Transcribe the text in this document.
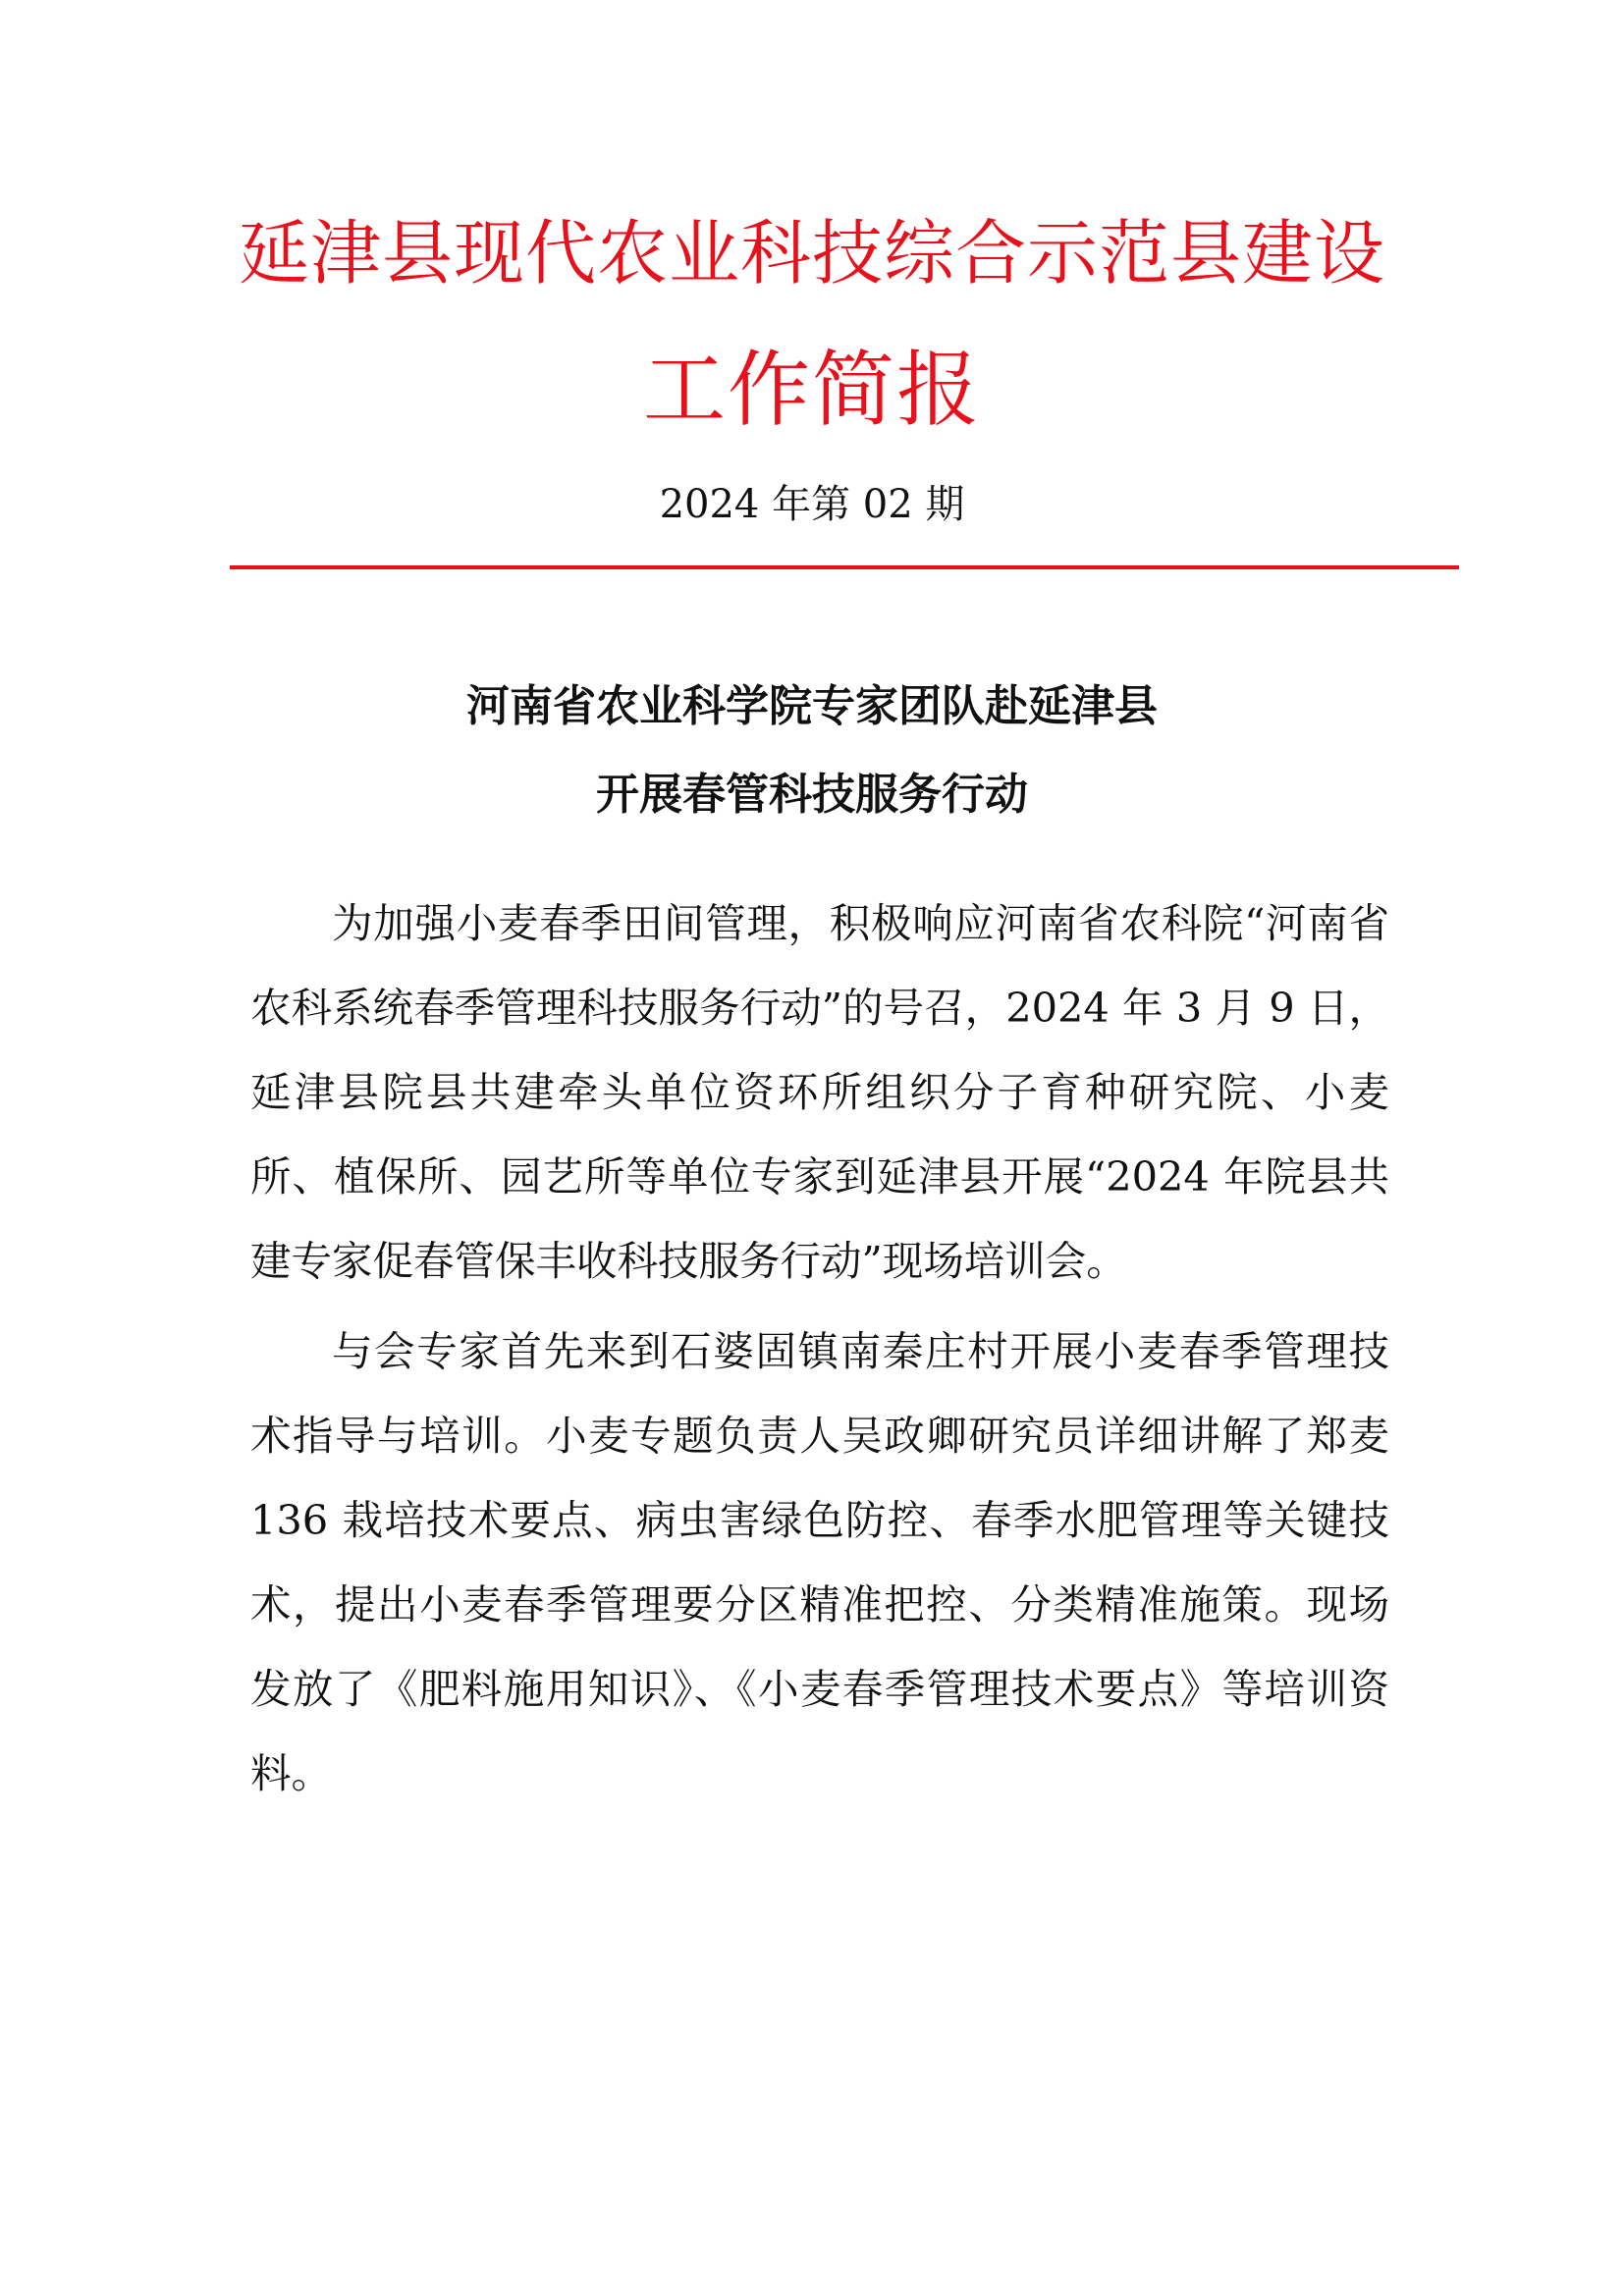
延津县现代农业科技综合示范县建设
工作简报
2024 年第 02 期
河南省农业科学院专家团队赴延津县
开展春管科技服务行动

为加强小麦春季田间管理，积极响应河南省农科院“河南省农科系统春季管理科技服务行动”的号召，2024 年 3 月 9 日，延津县院县共建牵头单位资环所组织分子育种研究院、小麦所、植保所、园艺所等单位专家到延津县开展“2024 年院县共建专家促春管保丰收科技服务行动”现场培训会。

与会专家首先来到石婆固镇南秦庄村开展小麦春季管理技术指导与培训。小麦专题负责人吴政卿研究员详细讲解了郑麦 136 栽培技术要点、病虫害绿色防控、春季水肥管理等关键技术，提出小麦春季管理要分区精准把控、分类精准施策。现场发放了《肥料施用知识》、《小麦春季管理技术要点》等培训资料。
